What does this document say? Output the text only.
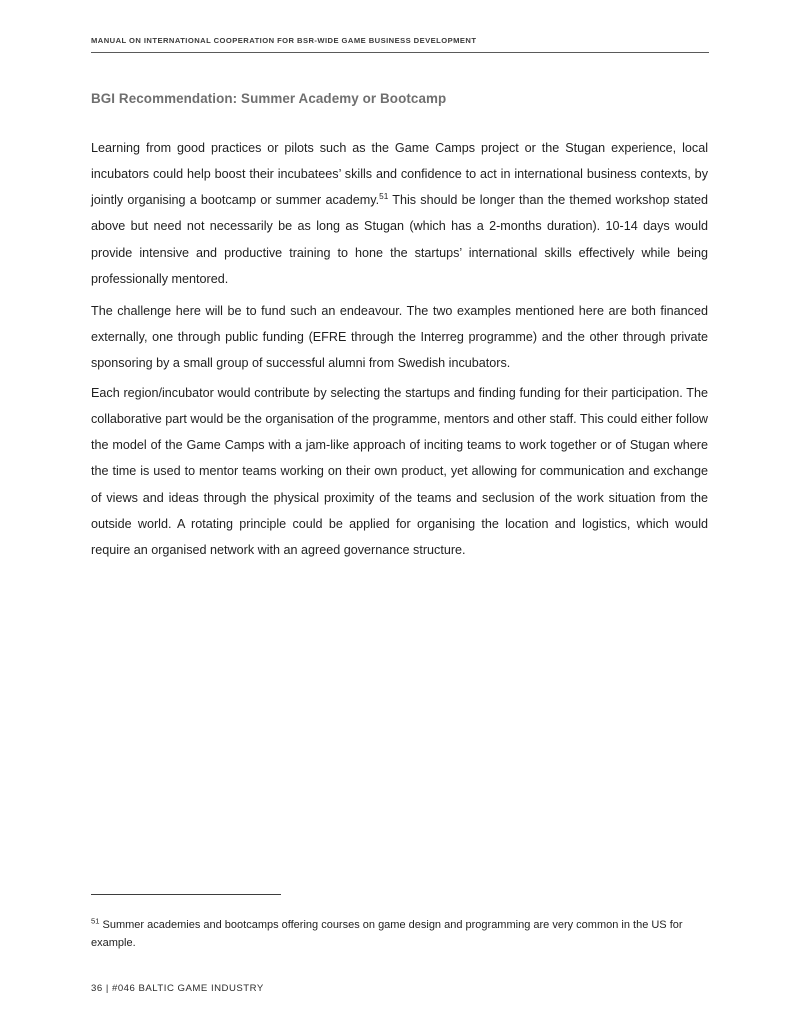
MANUAL ON INTERNATIONAL COOPERATION FOR BSR-WIDE GAME BUSINESS DEVELOPMENT
BGI Recommendation: Summer Academy or Bootcamp

Learning from good practices or pilots such as the Game Camps project or the Stugan experience, local incubators could help boost their incubatees’ skills and confidence to act in international business contexts, by jointly organising a bootcamp or summer academy.$^{51}$ This should be longer than the themed workshop stated above but need not necessarily be as long as Stugan (which has a 2-months duration). 10-14 days would provide intensive and productive training to hone the startups’ international skills effectively while being professionally mentored.

The challenge here will be to fund such an endeavour. The two examples mentioned here are both financed externally, one through public funding (EFRE through the Interreg programme) and the other through private sponsoring by a small group of successful alumni from Swedish incubators.

Each region/incubator would contribute by selecting the startups and finding funding for their participation. The collaborative part would be the organisation of the programme, mentors and other staff. This could either follow the model of the Game Camps with a jam-like approach of inciting teams to work together or of Stugan where the time is used to mentor teams working on their own product, yet allowing for communication and exchange of views and ideas through the physical proximity of the teams and seclusion of the work situation from the outside world. A rotating principle could be applied for organising the location and logistics, which would require an organised network with an agreed governance structure.

$^{51}$ Summer academies and bootcamps offering courses on game design and programming are very common in the US for example.
36 | #046 BALTIC GAME INDUSTRY
